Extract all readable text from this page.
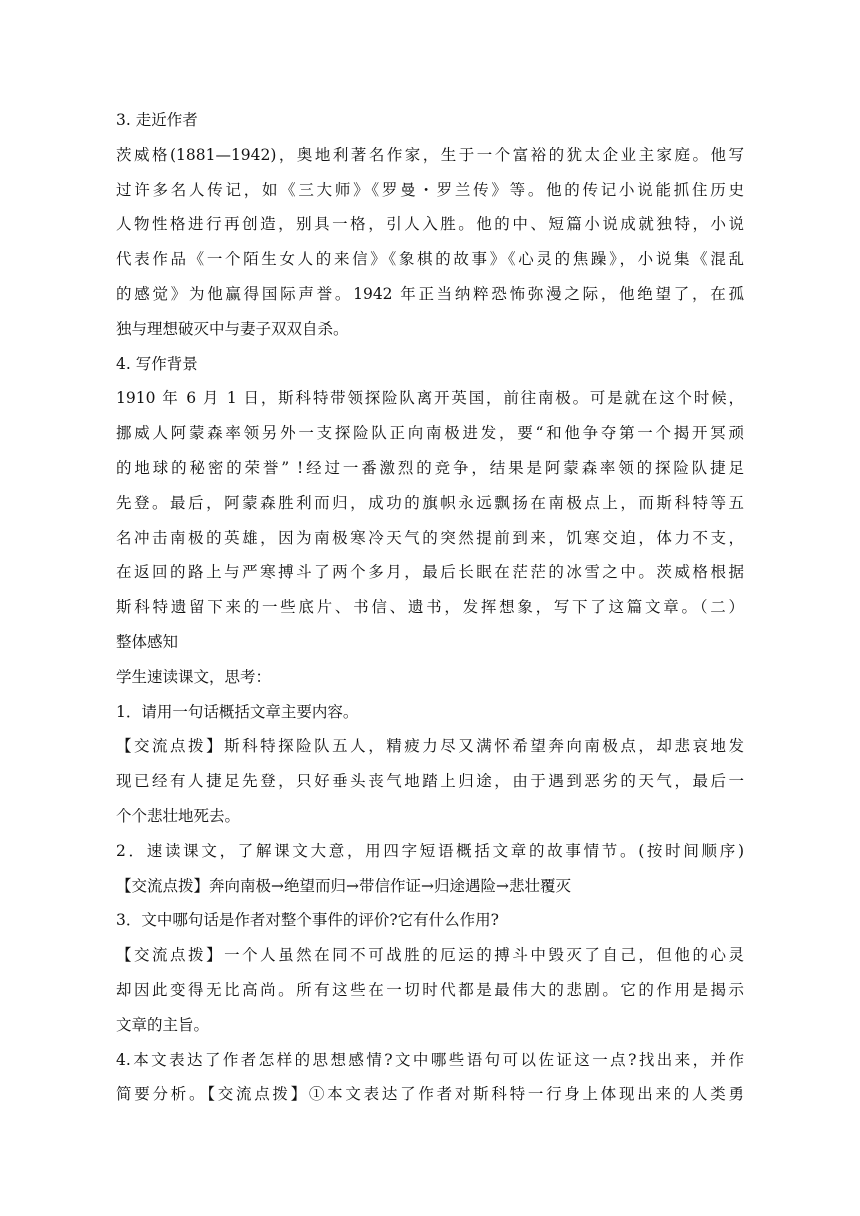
3. 走近作者
茨威格(1881—1942)，奥地利著名作家，生于一个富裕的犹太企业主家庭。他写
过许多名人传记，如《三大师》《罗曼・罗兰传》等。他的传记小说能抓住历史
人物性格进行再创造，别具一格，引人入胜。他的中、短篇小说成就独特，小说
代表作品《一个陌生女人的来信》《象棋的故事》《心灵的焦躁》，小说集《混乱
的感觉》为他赢得国际声誉。1942 年正当纳粹恐怖弥漫之际，他绝望了，在孤
独与理想破灭中与妻子双双自杀。
4. 写作背景
1910 年 6 月 1 日，斯科特带领探险队离开英国，前往南极。可是就在这个时候，
挪威人阿蒙森率领另外一支探险队正向南极进发，要“和他争夺第一个揭开冥顽
的地球的秘密的荣誉” !经过一番激烈的竞争，结果是阿蒙森率领的探险队捷足
先登。最后，阿蒙森胜利而归，成功的旗帜永远飘扬在南极点上，而斯科特等五
名冲击南极的英雄，因为南极寒冷天气的突然提前到来，饥寒交迫，体力不支，
在返回的路上与严寒搏斗了两个多月，最后长眠在茫茫的冰雪之中。茨威格根据
斯科特遗留下来的一些底片、书信、遗书，发挥想象，写下了这篇文章。（二）
整体感知
学生速读课文，思考：
1．请用一句话概括文章主要内容。
【交流点拨】斯科特探险队五人，精疲力尽又满怀希望奔向南极点，却悲哀地发
现已经有人捷足先登，只好垂头丧气地踏上归途，由于遇到恶劣的天气，最后一
个个悲壮地死去。
2．速读课文，了解课文大意，用四字短语概括文章的故事情节。(按时间顺序)
【交流点拨】奔向南极→绝望而归→带信作证→归途遇险→悲壮覆灭
3．文中哪句话是作者对整个事件的评价?它有什么作用?
【交流点拨】一个人虽然在同不可战胜的厄运的搏斗中毁灭了自己，但他的心灵
却因此变得无比高尚。所有这些在一切时代都是最伟大的悲剧。它的作用是揭示
文章的主旨。
4.本文表达了作者怎样的思想感情?文中哪些语句可以佐证这一点?找出来，并作
简要分析。【交流点拨】①本文表达了作者对斯科特一行身上体现出来的人类勇
